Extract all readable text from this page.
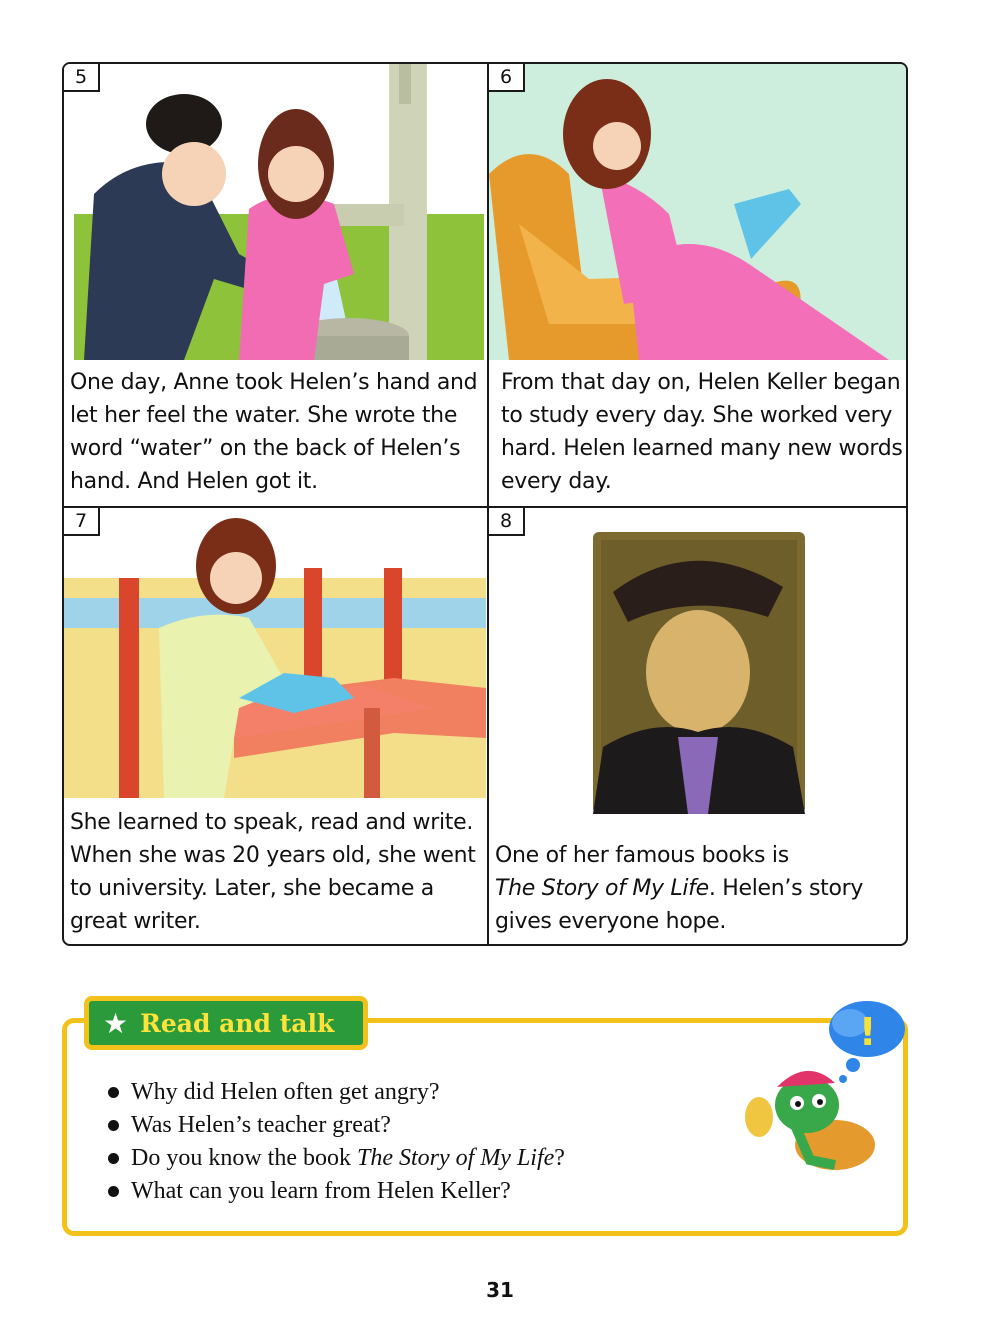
5

One day, Anne took Helen’s hand and

let her feel the water. She wrote the

word “water” on the back of Helen’s

hand. And Helen got it.

6

From that day on, Helen Keller began

to study every day. She worked very

hard. Helen learned many new words

every day.

7

She learned to speak, read and write.

When she was 20 years old, she went

to university. Later, she became a

great writer.

8

One of her famous books is

The Story of My Life. Helen’s story

gives everyone hope.

★ Read and talk
Why did Helen often get angry?
Was Helen’s teacher great?
Do you know the book The Story of My Life ?
What can you learn from Helen Keller?
!
31
